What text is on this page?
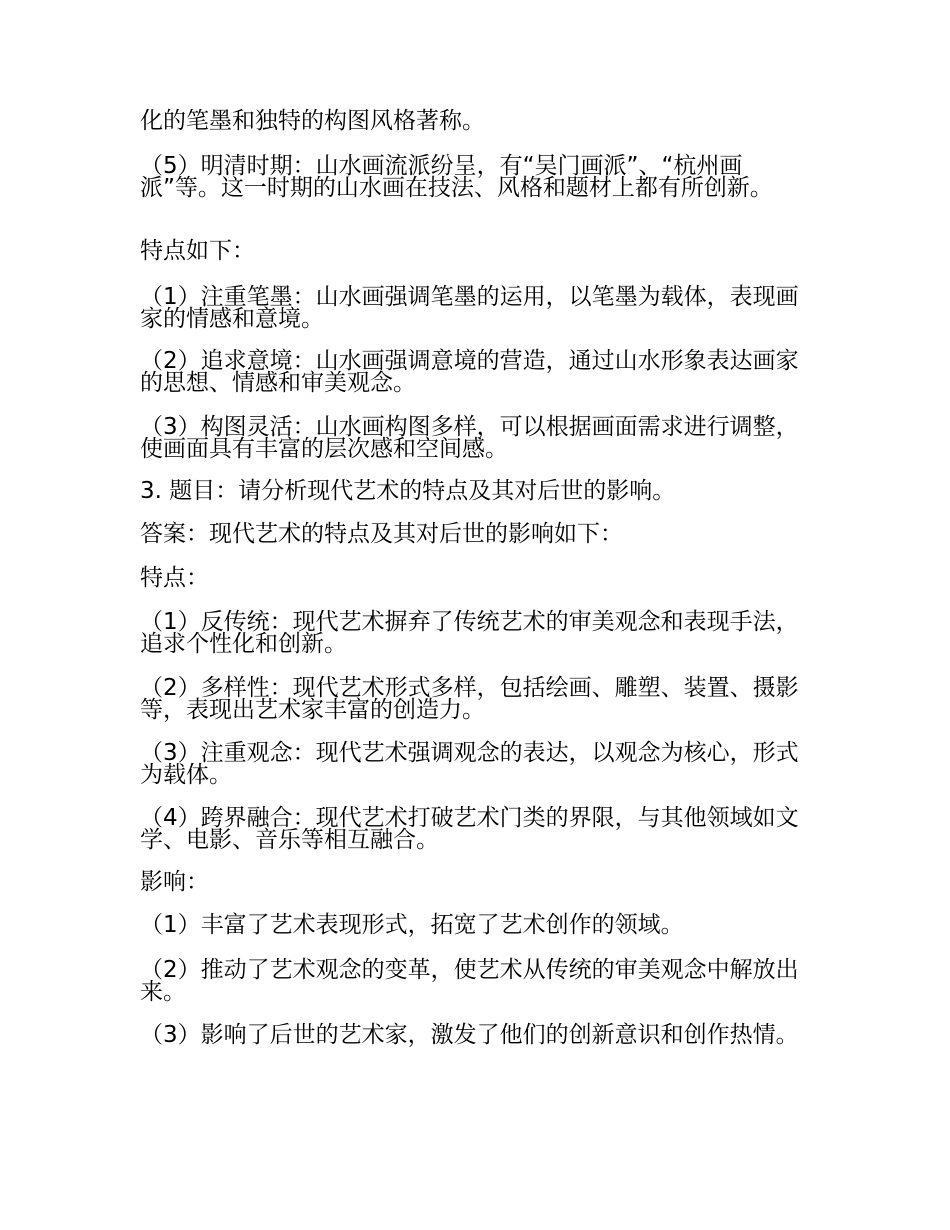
化的笔墨和独特的构图风格著称。
（5）明清时期：山水画流派纷呈，有“吴门画派”、“杭州画派”等。这一时期的山水画在技法、风格和题材上都有所创新。
特点如下：
（1）注重笔墨：山水画强调笔墨的运用，以笔墨为载体，表现画家的情感和意境。
（2）追求意境：山水画强调意境的营造，通过山水形象表达画家的思想、情感和审美观念。
（3）构图灵活：山水画构图多样，可以根据画面需求进行调整，使画面具有丰富的层次感和空间感。
3. 题目：请分析现代艺术的特点及其对后世的影响。
答案：现代艺术的特点及其对后世的影响如下：
特点：
（1）反传统：现代艺术摒弃了传统艺术的审美观念和表现手法，追求个性化和创新。
（2）多样性：现代艺术形式多样，包括绘画、雕塑、装置、摄影等，表现出艺术家丰富的创造力。
（3）注重观念：现代艺术强调观念的表达，以观念为核心，形式为载体。
（4）跨界融合：现代艺术打破艺术门类的界限，与其他领域如文学、电影、音乐等相互融合。
影响：
（1）丰富了艺术表现形式，拓宽了艺术创作的领域。
（2）推动了艺术观念的变革，使艺术从传统的审美观念中解放出来。
（3）影响了后世的艺术家，激发了他们的创新意识和创作热情。
